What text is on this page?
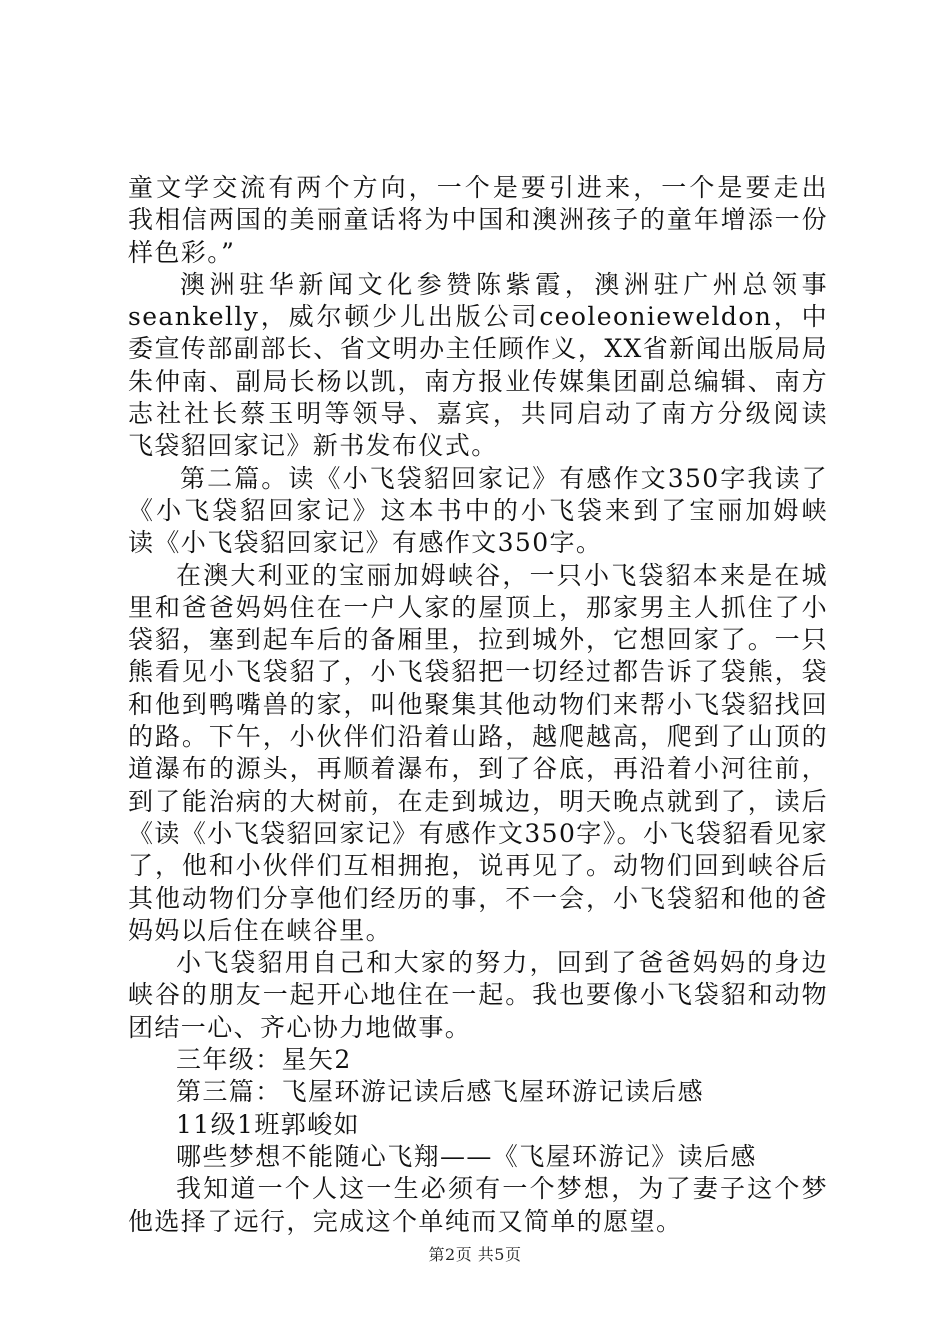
童文学交流有两个方向，一个是要引进来，一个是要走出
我相信两国的美丽童话将为中国和澳洲孩子的童年增添一份
样色彩。”

澳洲驻华新闻文化参赞陈紫霞，澳洲驻广州总领事
seankelly，威尔顿少儿出版公司ceoleonieweldon，中
委宣传部副部长、省文明办主任顾作义，XX省新闻出版局局
朱仲南、副局长杨以凯，南方报业传媒集团副总编辑、南方
志社社长蔡玉明等领导、嘉宾，共同启动了南方分级阅读
飞袋貂回家记》新书发布仪式。

第二篇。读《小飞袋貂回家记》有感作文350字我读了
《小飞袋貂回家记》这本书中的小飞袋来到了宝丽加姆峡
读《小飞袋貂回家记》有感作文350字。

在澳大利亚的宝丽加姆峡谷，一只小飞袋貂本来是在城
里和爸爸妈妈住在一户人家的屋顶上，那家男主人抓住了小
袋貂，塞到起车后的备厢里，拉到城外，它想回家了。一只
熊看见小飞袋貂了，小飞袋貂把一切经过都告诉了袋熊，袋
和他到鸭嘴兽的家，叫他聚集其他动物们来帮小飞袋貂找回
的路。下午，小伙伴们沿着山路，越爬越高，爬到了山顶的
道瀑布的源头，再顺着瀑布，到了谷底，再沿着小河往前，
到了能治病的大树前，在走到城边，明天晚点就到了，读后
《读《小飞袋貂回家记》有感作文350字》。小飞袋貂看见家
了，他和小伙伴们互相拥抱，说再见了。动物们回到峡谷后
其他动物们分享他们经历的事，不一会，小飞袋貂和他的爸
妈妈以后住在峡谷里。

小飞袋貂用自己和大家的努力，回到了爸爸妈妈的身边
峡谷的朋友一起开心地住在一起。我也要像小飞袋貂和动物
团结一心、齐心协力地做事。

三年级：星矢2

第三篇：飞屋环游记读后感飞屋环游记读后感

11级1班郭峻如

哪些梦想不能随心飞翔——《飞屋环游记》读后感

我知道一个人这一生必须有一个梦想，为了妻子这个梦
他选择了远行，完成这个单纯而又简单的愿望。

第2页 共5页
